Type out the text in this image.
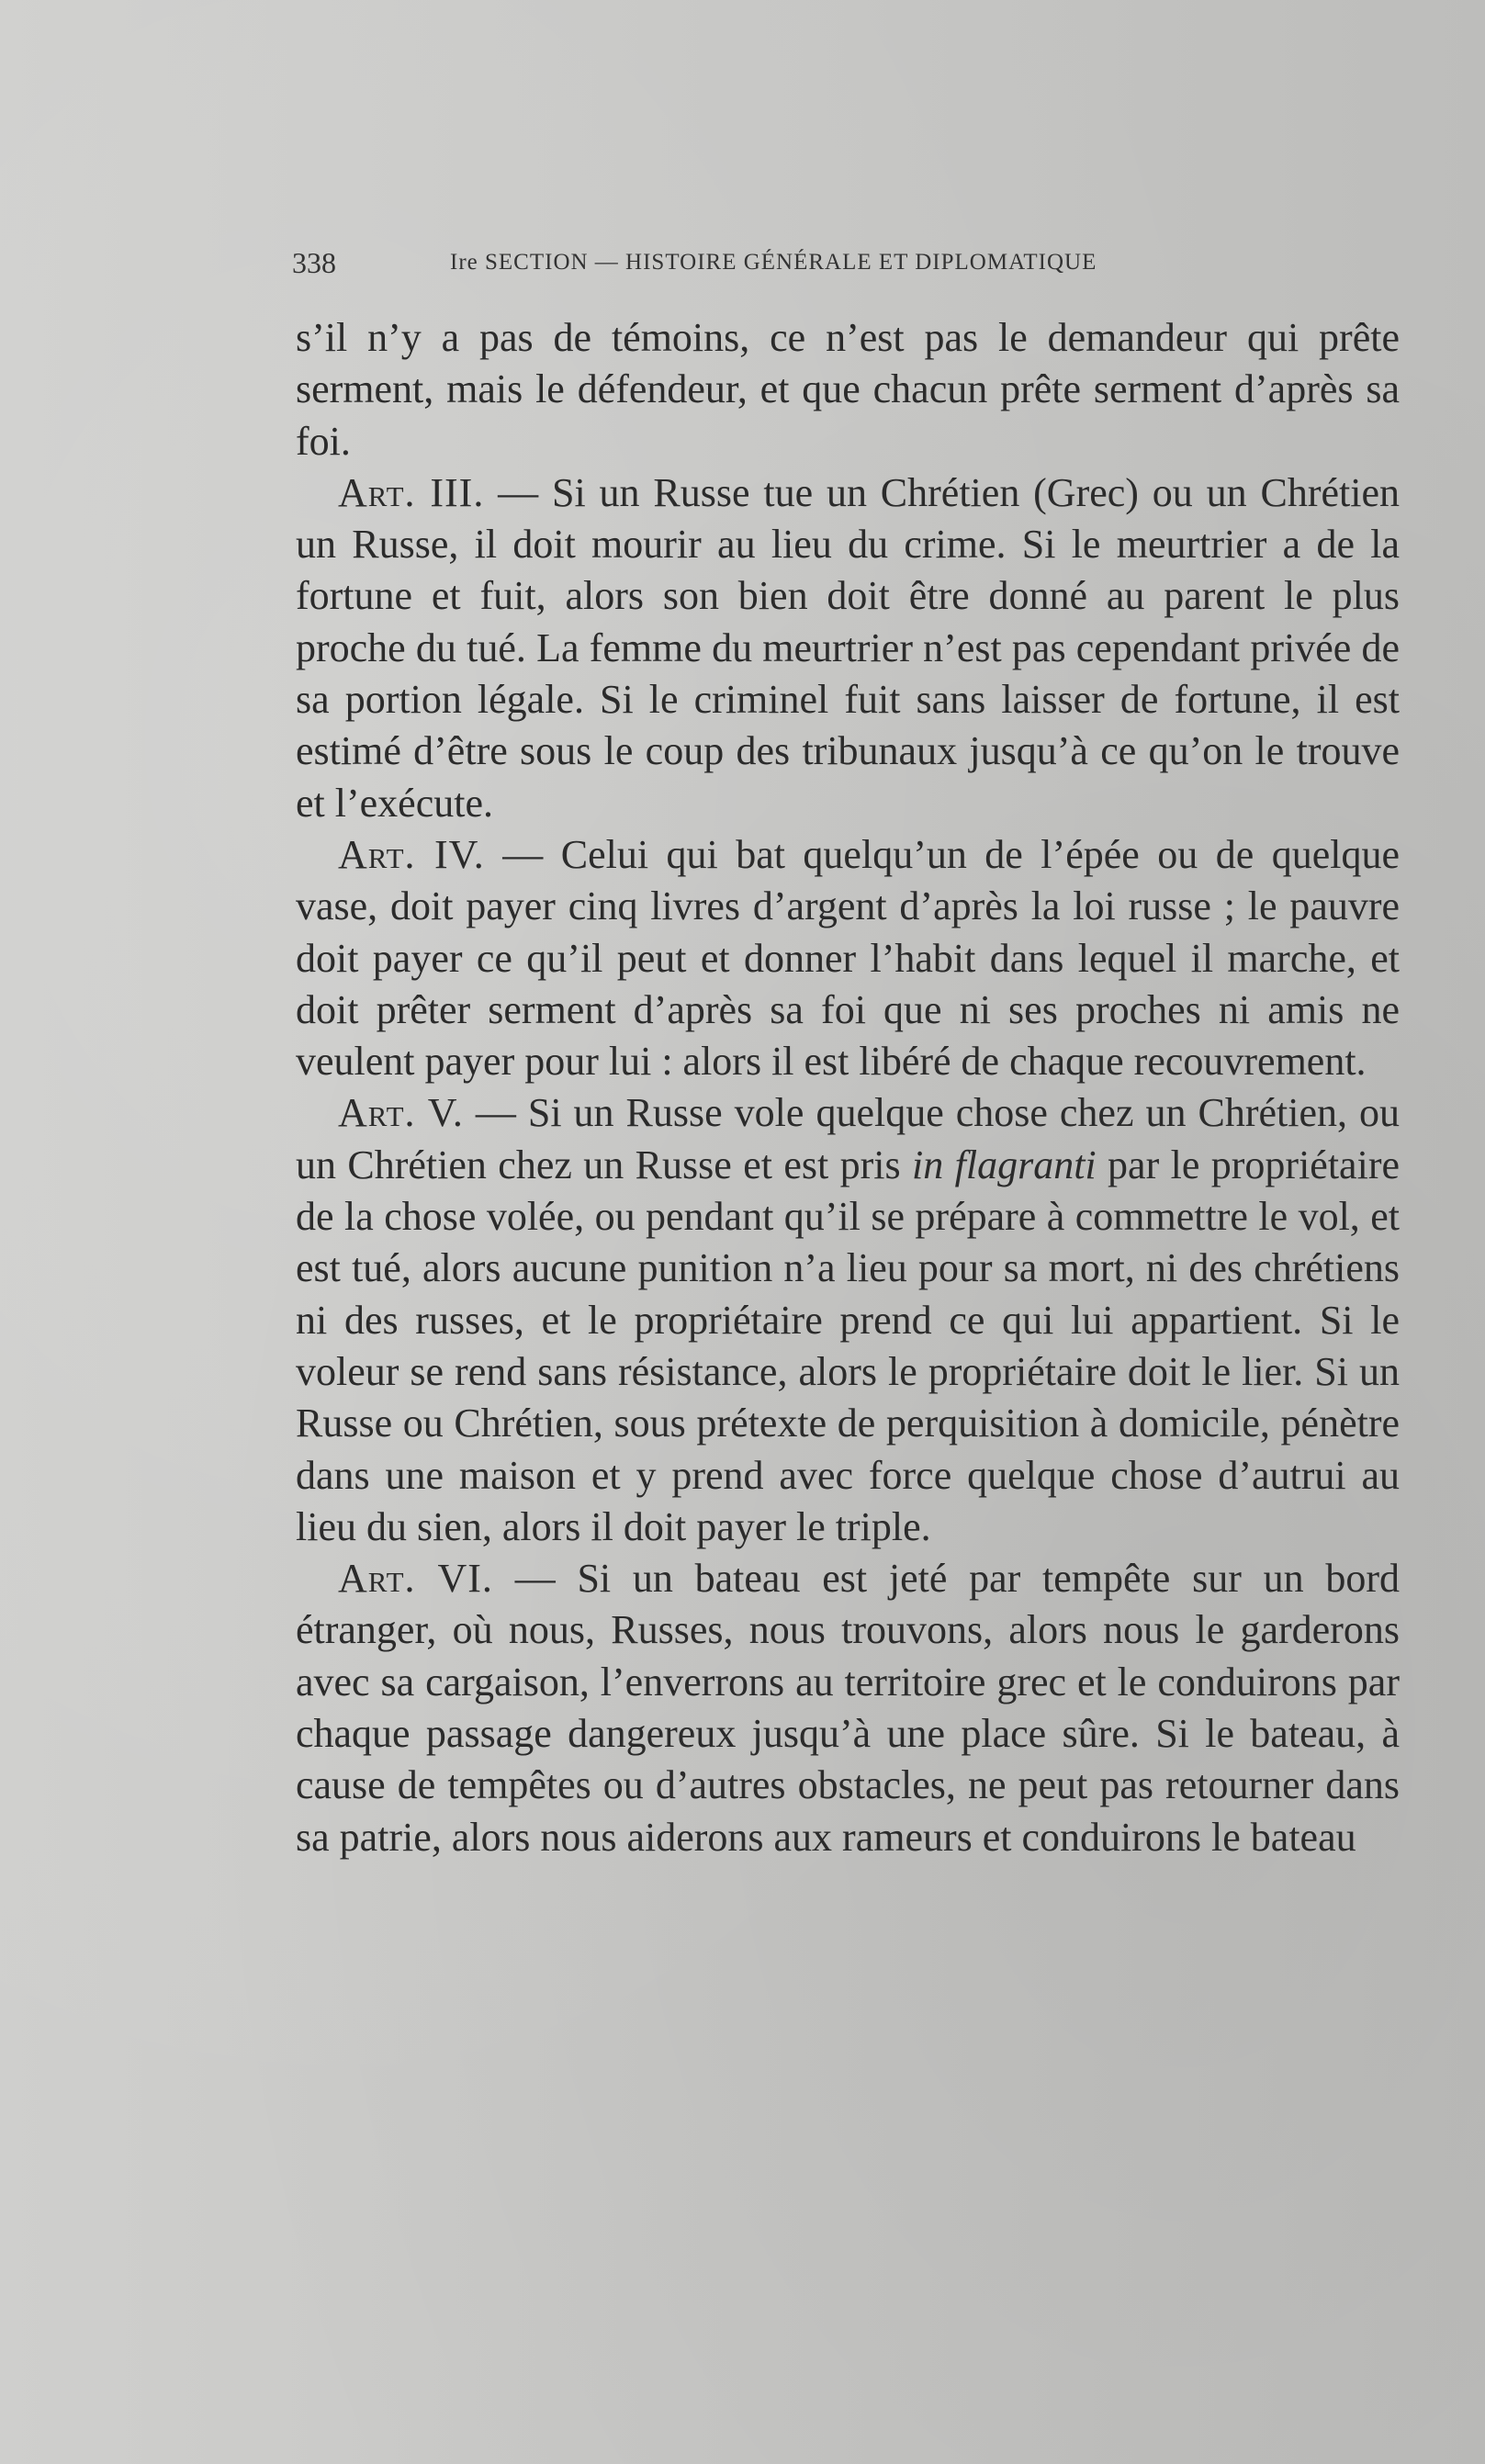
338	Ire SECTION — HISTOIRE GÉNÉRALE ET DIPLOMATIQUE

s’il n’y a pas de témoins, ce n’est pas le demandeur qui prête serment, mais le défendeur, et que chacun prête serment d’après sa foi.

Art. III. — Si un Russe tue un Chrétien (Grec) ou un Chrétien un Russe, il doit mourir au lieu du crime. Si le meurtrier a de la fortune et fuit, alors son bien doit être donné au parent le plus proche du tué. La femme du meurtrier n’est pas cependant privée de sa portion légale. Si le criminel fuit sans laisser de fortune, il est estimé d’être sous le coup des tribunaux jusqu’à ce qu’on le trouve et l’exécute.

Art. IV. — Celui qui bat quelqu’un de l’épée ou de quelque vase, doit payer cinq livres d’argent d’après la loi russe ; le pauvre doit payer ce qu’il peut et donner l’habit dans lequel il marche, et doit prêter serment d’après sa foi que ni ses proches ni amis ne veulent payer pour lui : alors il est libéré de chaque recouvrement.

Art. V. — Si un Russe vole quelque chose chez un Chrétien, ou un Chrétien chez un Russe et est pris in flagranti par le propriétaire de la chose volée, ou pendant qu’il se prépare à commettre le vol, et est tué, alors aucune punition n’a lieu pour sa mort, ni des chrétiens ni des russes, et le propriétaire prend ce qui lui appartient. Si le voleur se rend sans résistance, alors le propriétaire doit le lier. Si un Russe ou Chrétien, sous prétexte de perquisition à domicile, pénètre dans une maison et y prend avec force quelque chose d’autrui au lieu du sien, alors il doit payer le triple.

Art. VI. — Si un bateau est jeté par tempête sur un bord étranger, où nous, Russes, nous trouvons, alors nous le garderons avec sa cargaison, l’enverrons au territoire grec et le conduirons par chaque passage dangereux jusqu’à une place sûre. Si le bateau, à cause de tempêtes ou d’autres obstacles, ne peut pas retourner dans sa patrie, alors nous aiderons aux rameurs et conduirons le bateau
